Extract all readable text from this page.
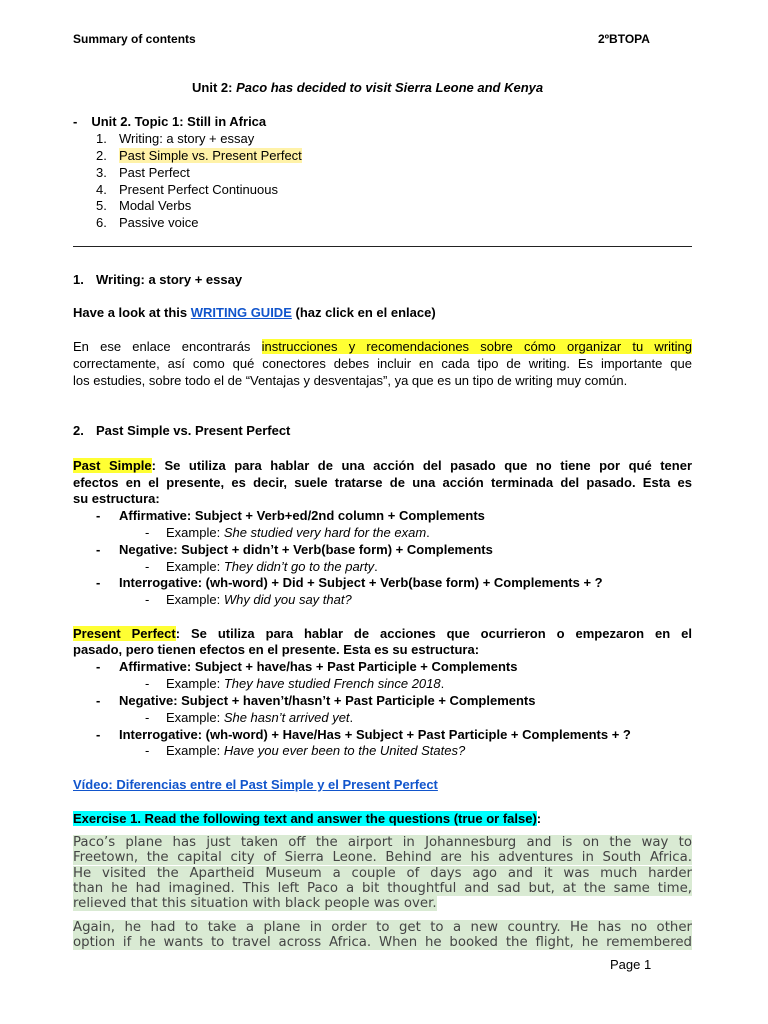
Summary of contents	2ºBTOPA
Unit 2: Paco has decided to visit Sierra Leone and Kenya
- Unit 2. Topic 1: Still in Africa
1. Writing: a story + essay
2. Past Simple vs. Present Perfect
3. Past Perfect
4. Present Perfect Continuous
5. Modal Verbs
6. Passive voice
1. Writing: a story + essay
Have a look at this WRITING GUIDE (haz click en el enlace)
En ese enlace encontrarás instrucciones y recomendaciones sobre cómo organizar tu writing
correctamente, así como qué conectores debes incluir en cada tipo de writing. Es importante que
los estudies, sobre todo el de “Ventajas y desventajas”, ya que es un tipo de writing muy común.
2. Past Simple vs. Present Perfect
Past Simple: Se utiliza para hablar de una acción del pasado que no tiene por qué tener
efectos en el presente, es decir, suele tratarse de una acción terminada del pasado. Esta es
su estructura:
- Affirmative: Subject + Verb+ed/2nd column + Complements
- Example: She studied very hard for the exam.
- Negative: Subject + didn’t + Verb(base form) + Complements
- Example: They didn’t go to the party.
- Interrogative: (wh-word) + Did + Subject + Verb(base form) + Complements + ?
- Example: Why did you say that?
Present Perfect: Se utiliza para hablar de acciones que ocurrieron o empezaron en el
pasado, pero tienen efectos en el presente. Esta es su estructura:
- Affirmative: Subject + have/has + Past Participle + Complements
- Example: They have studied French since 2018.
- Negative: Subject + haven’t/hasn’t + Past Participle + Complements
- Example: She hasn’t arrived yet.
- Interrogative: (wh-word) + Have/Has + Subject + Past Participle + Complements + ?
- Example: Have you ever been to the United States?
Vídeo: Diferencias entre el Past Simple y el Present Perfect
Exercise 1. Read the following text and answer the questions (true or false):
Paco’s plane has just taken off the airport in Johannesburg and is on the way to
Freetown, the capital city of Sierra Leone. Behind are his adventures in South Africa.
He visited the Apartheid Museum a couple of days ago and it was much harder
than he had imagined. This left Paco a bit thoughtful and sad but, at the same time,
relieved that this situation with black people was over.
Again, he had to take a plane in order to get to a new country. He has no other
option if he wants to travel across Africa. When he booked the flight, he remembered
Page 1
